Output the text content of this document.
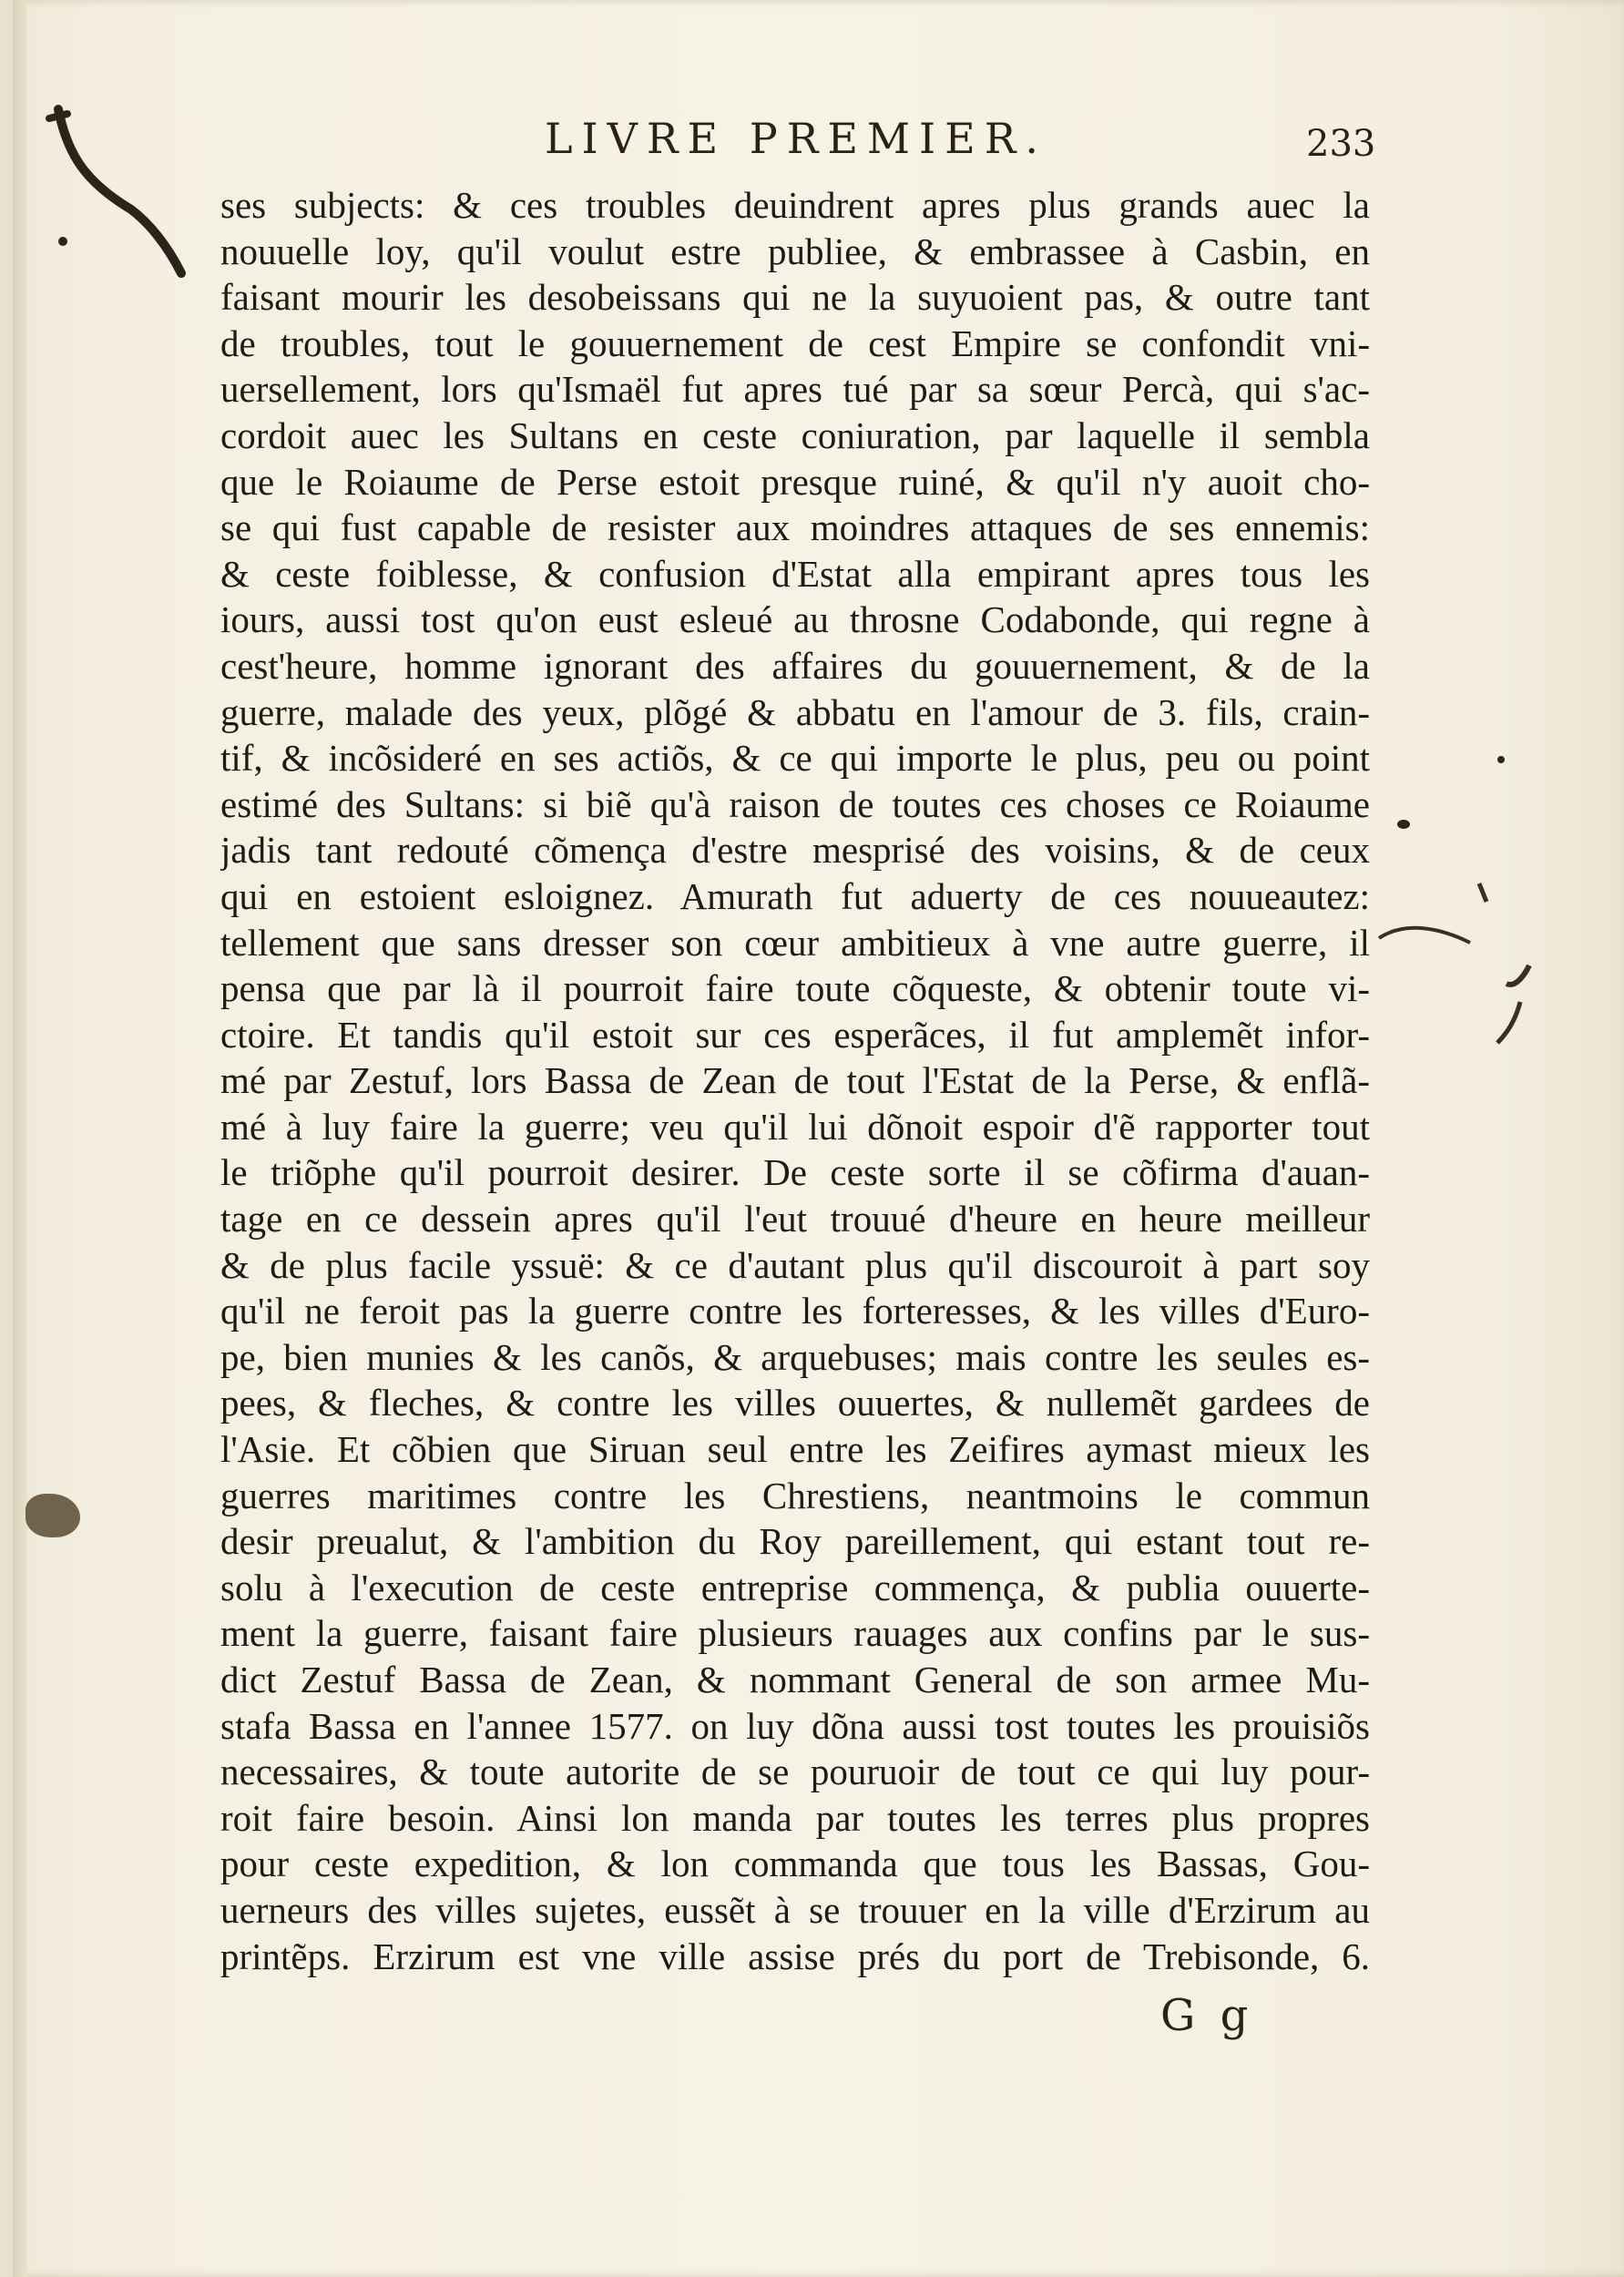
LIVRE PREMIER.	233
ses subjects: & ces troubles deuindrent apres plus grands auec la
nouuelle loy, qu'il voulut estre publiee, & embrassee à Casbin, en
faisant mourir les desobeissans qui ne la suyuoient pas, & outre tant
de troubles, tout le gouuernement de cest Empire se confondit vni-
uersellement, lors qu'Ismaël fut apres tué par sa sœur Percà, qui s'ac-
cordoit auec les Sultans en ceste coniuration, par laquelle il sembla
que le Roiaume de Perse estoit presque ruiné, & qu'il n'y auoit cho-
se qui fust capable de resister aux moindres attaques de ses ennemis:
& ceste foiblesse, & confusion d'Estat alla empirant apres tous les
iours, aussi tost qu'on eust esleué au throsne Codabonde, qui regne à
cest'heure, homme ignorant des affaires du gouuernement, & de la
guerre, malade des yeux, plõgé & abbatu en l'amour de 3. fils, crain-
tif, & incõsideré en ses actiõs, & ce qui importe le plus, peu ou point
estimé des Sultans: si biẽ qu'à raison de toutes ces choses ce Roiaume
jadis tant redouté cõmença d'estre mesprisé des voisins, & de ceux
qui en estoient esloignez. Amurath fut aduerty de ces nouueautez:
tellement que sans dresser son cœur ambitieux à vne autre guerre, il
pensa que par là il pourroit faire toute cõqueste, & obtenir toute vi-
ctoire. Et tandis qu'il estoit sur ces esperãces, il fut amplemẽt infor-
mé par Zestuf, lors Bassa de Zean de tout l'Estat de la Perse, & enflã-
mé à luy faire la guerre; veu qu'il lui dõnoit espoir d'ẽ rapporter tout
le triõphe qu'il pourroit desirer. De ceste sorte il se cõfirma d'auan-
tage en ce dessein apres qu'il l'eut trouué d'heure en heure meilleur
& de plus facile yssuë: & ce d'autant plus qu'il discouroit à part soy
qu'il ne feroit pas la guerre contre les forteresses, & les villes d'Euro-
pe, bien munies & les canõs, & arquebuses; mais contre les seules es-
pees, & fleches, & contre les villes ouuertes, & nullemẽt gardees de
l'Asie. Et cõbien que Siruan seul entre les Zeifires aymast mieux les
guerres maritimes contre les Chrestiens, neantmoins le commun
desir preualut, & l'ambition du Roy pareillement, qui estant tout re-
solu à l'execution de ceste entreprise commença, & publia ouuerte-
ment la guerre, faisant faire plusieurs rauages aux confins par le sus-
dict Zestuf Bassa de Zean, & nommant General de son armee Mu-
stafa Bassa en l'annee 1577. on luy dõna aussi tost toutes les prouisiõs
necessaires, & toute autorite de se pouruoir de tout ce qui luy pour-
roit faire besoin. Ainsi lon manda par toutes les terres plus propres
pour ceste expedition, & lon commanda que tous les Bassas, Gou-
uerneurs des villes sujetes, eussẽt à se trouuer en la ville d'Erzirum au
printẽps. Erzirum est vne ville assise prés du port de Trebisonde, 6.
G g
